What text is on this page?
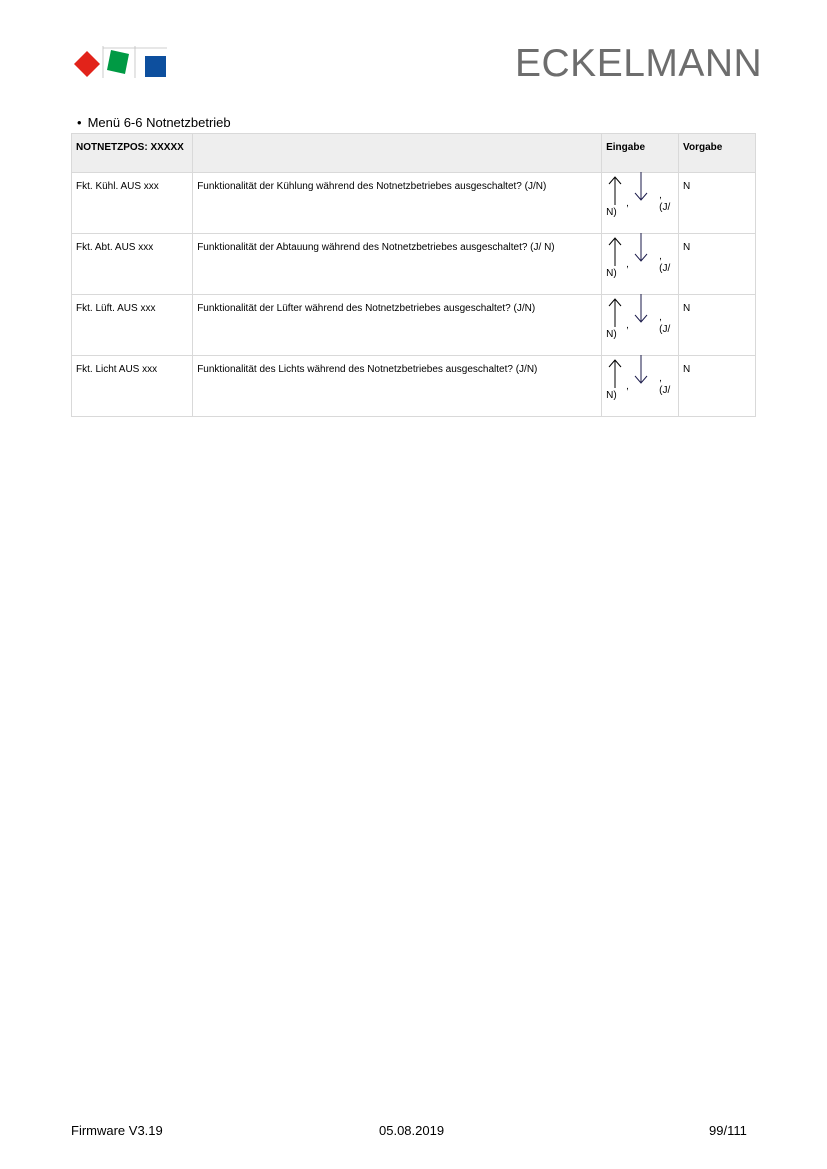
ECKELMANN
• Menü 6-6 Notnetzbetrieb
NOTNETZPOS: XXXXX		Eingabe	Vorgabe
Fkt. Kühl. AUS xxx	Funktionalität der Kühlung während des Notnetzbetriebes ausgeschaltet? (J/N)	,
, (J/
N)	N
Fkt. Abt. AUS xxx	Funktionalität der Abtauung während des Notnetzbetriebes ausgeschaltet? (J/ N)	,
, (J/
N)	N
Fkt. Lüft. AUS xxx	Funktionalität der Lüfter während des Notnetzbetriebes ausgeschaltet? (J/N)	,
, (J/
N)	N
Fkt. Licht AUS xxx	Funktionalität des Lichts während des Notnetzbetriebes ausgeschaltet? (J/N)	,
, (J/
N)	N
Firmware V3.19	05.08.2019	99/111
